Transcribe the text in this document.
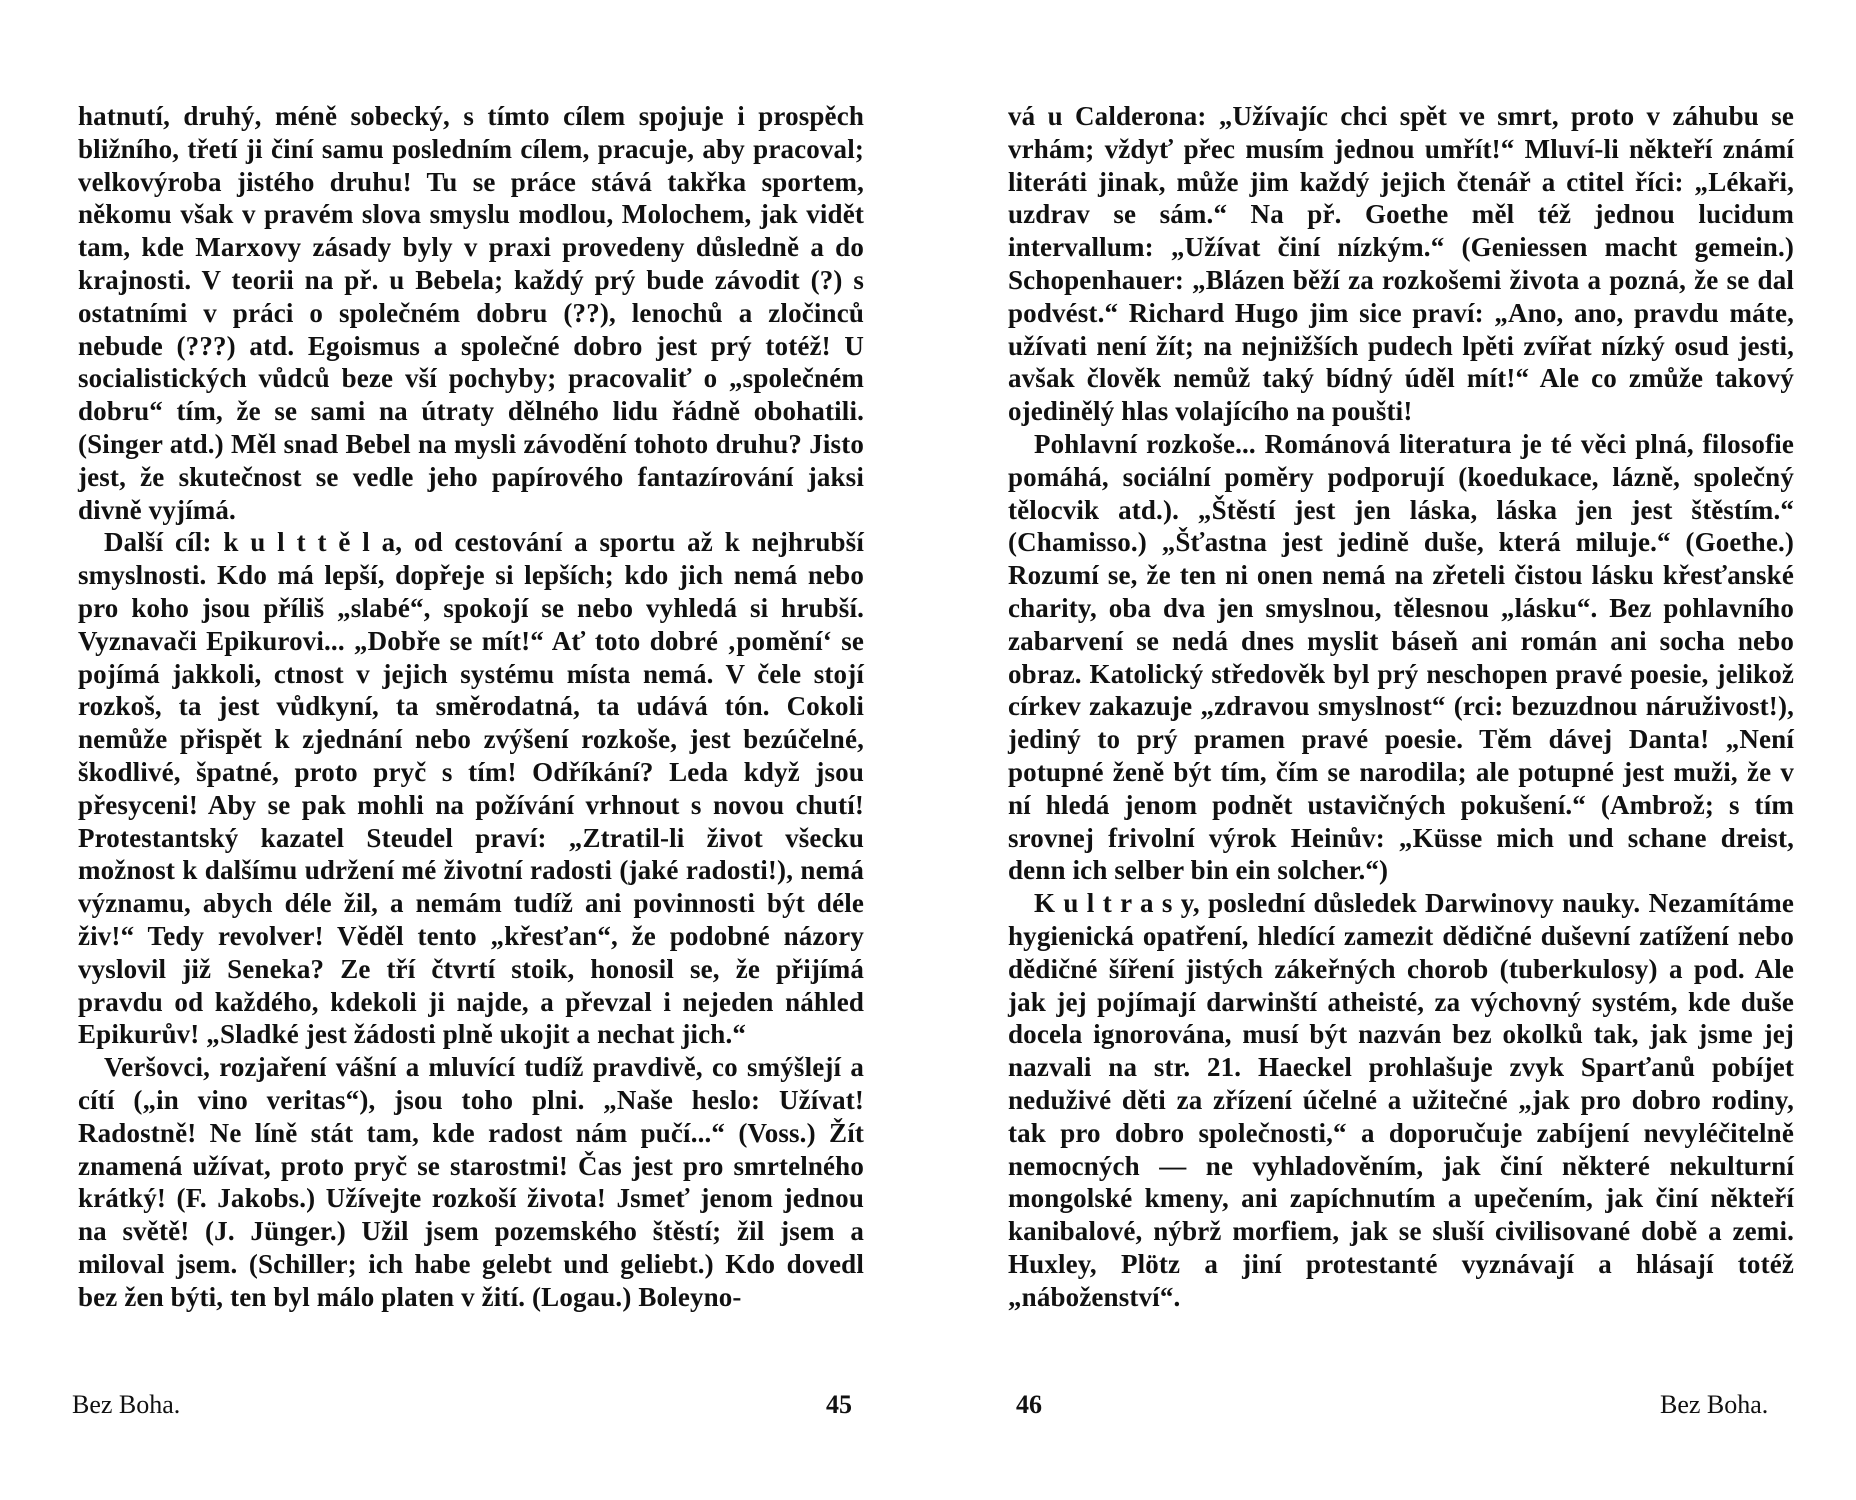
hatnutí, druhý, méně sobecký, s tímto cílem spojuje i prospěch bližního, třetí ji činí samu posledním cílem, pracuje, aby pracoval; velkovýroba jistého druhu! Tu se práce stává takřka sportem, někomu však v pravém slova smyslu modlou, Molochem, jak vidět tam, kde Marxovy zásady byly v praxi provedeny důsledně a do krajnosti. V teorii na př. u Bebela; každý prý bude závodit (?) s ostatními v práci o společném dobru (??), lenochů a zločinců nebude (???) atd. Egoismus a společné dobro jest prý totéž! U socialistických vůdců beze vší pochyby; pracovaliť o „společném dobru“ tím, že se sami na útraty dělného lidu řádně obohatili. (Singer atd.) Měl snad Bebel na mysli závodění tohoto druhu? Jisto jest, že skutečnost se vedle jeho papírového fantazírování jaksi divně vyjímá.

Další cíl: k u l t t ě l a, od cestování a sportu až k nejhrubší smyslnosti. Kdo má lepší, dopřeje si lepších; kdo jich nemá nebo pro koho jsou příliš „slabé“, spokojí se nebo vyhledá si hrubší. Vyznavači Epikurovi... „Dobře se mít!“ Ať toto dobré ‚pomění‘ se pojímá jakkoli, ctnost v jejich systému místa nemá. V čele stojí rozkoš, ta jest vůdkyní, ta směrodatná, ta udává tón. Cokoli nemůže přispět k zjednání nebo zvýšení rozkoše, jest bezúčelné, škodlivé, špatné, proto pryč s tím! Odříkání? Leda když jsou přesyceni! Aby se pak mohli na požívání vrhnout s novou chutí! Protestantský kazatel Steudel praví: „Ztratil-li život všecku možnost k dalšímu udržení mé životní radosti (jaké radosti!), nemá významu, abych déle žil, a nemám tudíž ani povinnosti být déle živ!“ Tedy revolver! Věděl tento „křesťan“, že podobné názory vyslovil již Seneka? Ze tří čtvrtí stoik, honosil se, že přijímá pravdu od každého, kdekoli ji najde, a převzal i nejeden náhled Epikurův! „Sladké jest žádosti plně ukojit a nechat jich.“

Veršovci, rozjaření vášní a mluvící tudíž pravdivě, co smýšlejí a cítí („in vino veritas“), jsou toho plni. „Naše heslo: Užívat! Radostně! Ne líně stát tam, kde radost nám pučí...“ (Voss.) Žít znamená užívat, proto pryč se starostmi! Čas jest pro smrtelného krátký! (F. Jakobs.) Užívejte rozkoší života! Jsmeť jenom jednou na světě! (J. Jünger.) Užil jsem pozemského štěstí; žil jsem a miloval jsem. (Schiller; ich habe gelebt und geliebt.) Kdo dovedl bez žen býti, ten byl málo platen v žití. (Logau.) Boleyno-

Bez Boha.	45

vá u Calderona: „Užívajíc chci spět ve smrt, proto v záhubu se vrhám; vždyť přec musím jednou umřít!“ Mluví-li někteří známí literáti jinak, může jim každý jejich čtenář a ctitel říci: „Lékaři, uzdrav se sám.“ Na př. Goethe měl též jednou lucidum intervallum: „Užívat činí nízkým.“ (Geniessen macht gemein.) Schopenhauer: „Blázen běží za rozkošemi života a pozná, že se dal podvést.“ Richard Hugo jim sice praví: „Ano, ano, pravdu máte, užívati není žít; na nejnižších pudech lpěti zvířat nízký osud jesti, avšak člověk nemůž taký bídný úděl mít!“ Ale co zmůže takový ojedinělý hlas volajícího na poušti!

Pohlavní rozkoše... Románová literatura je té věci plná, filosofie pomáhá, sociální poměry podporují (koedukace, lázně, společný tělocvik atd.). „Štěstí jest jen láska, láska jen jest štěstím.“ (Chamisso.) „Šťastna jest jedině duše, která miluje.“ (Goethe.) Rozumí se, že ten ni onen nemá na zřeteli čistou lásku křesťanské charity, oba dva jen smyslnou, tělesnou „lásku“. Bez pohlavního zabarvení se nedá dnes myslit báseň ani román ani socha nebo obraz. Katolický středověk byl prý neschopen pravé poesie, jelikož církev zakazuje „zdravou smyslnost“ (rci: bezuzdnou náruživost!), jediný to prý pramen pravé poesie. Těm dávej Danta! „Není potupné ženě být tím, čím se narodila; ale potupné jest muži, že v ní hledá jenom podnět ustavičných pokušení.“ (Ambrož; s tím srovnej frivolní výrok Heinův: „Küsse mich und schane dreist, denn ich selber bin ein solcher.“)

K u l t r a s y, poslední důsledek Darwinovy nauky. Nezamítáme hygienická opatření, hledící zamezit dědičné duševní zatížení nebo dědičné šíření jistých zákeřných chorob (tuberkulosy) a pod. Ale jak jej pojímají darwinští atheisté, za výchovný systém, kde duše docela ignorována, musí být nazván bez okolků tak, jak jsme jej nazvali na str. 21. Haeckel prohlašuje zvyk Sparťanů pobíjet neduživé děti za zřízení účelné a užitečné „jak pro dobro rodiny, tak pro dobro společnosti,“ a doporučuje zabíjení nevyléčitelně nemocných — ne vyhladověním, jak činí některé nekulturní mongolské kmeny, ani zapíchnutím a upečením, jak činí někteří kanibalové, nýbrž morfiem, jak se sluší civilisované době a zemi. Huxley, Plötz a jiní protestanté vyznávají a hlásají totéž „náboženství“.

46	Bez Boha.
